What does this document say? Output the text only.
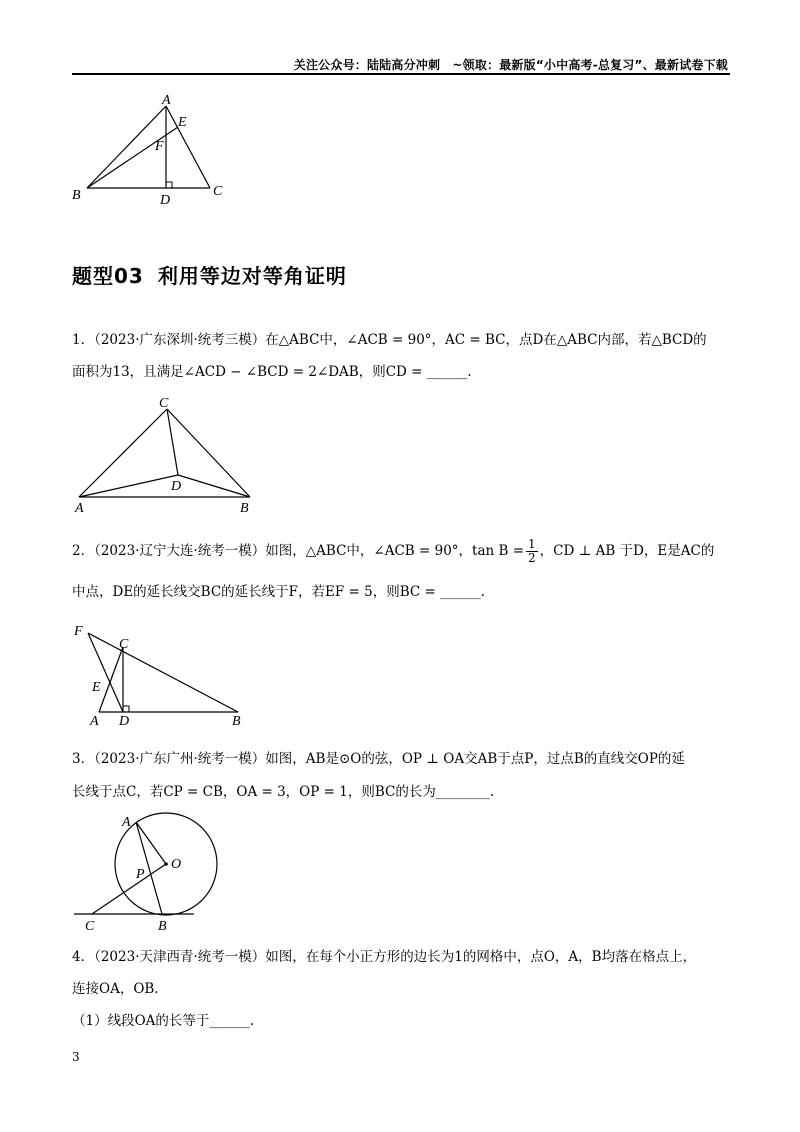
关注公众号：陆陆高分冲刺　~领取：最新版“小中高考-总复习”、最新试卷下载
A
E
F
B	D
C
题型03 利用等边对等角证明
1．（2023·广东深圳·统考三模）在△ABC中，∠ACB = 90°，AC = BC，点D在△ABC内部，若△BCD的
面积为13，且满足∠ACD − ∠BCD = 2∠DAB，则CD = ______.
C
D
A	B
2．（2023·辽宁大连·统考一模）如图，△ABC中，∠ACB = 90°，$\tan B = \frac{1}{2}$ ，CD ⊥ AB 于D，E是AC的
中点，DE的延长线交BC的延长线于F，若EF = 5，则BC = ______.
F
C
E
A D	B
3．（2023·广东广州·统考一模）如图，AB是⊙O的弦，OP ⊥ OA交AB于点P，过点B的直线交OP的延
长线于点C，若CP = CB，OA = 3，OP = 1，则BC的长为________.
A
O
P
C	B
4．（2023·天津西青·统考一模）如图，在每个小正方形的边长为1的网格中，点O，A，B均落在格点上，
连接OA，OB.
（1）线段OA的长等于______.
3
